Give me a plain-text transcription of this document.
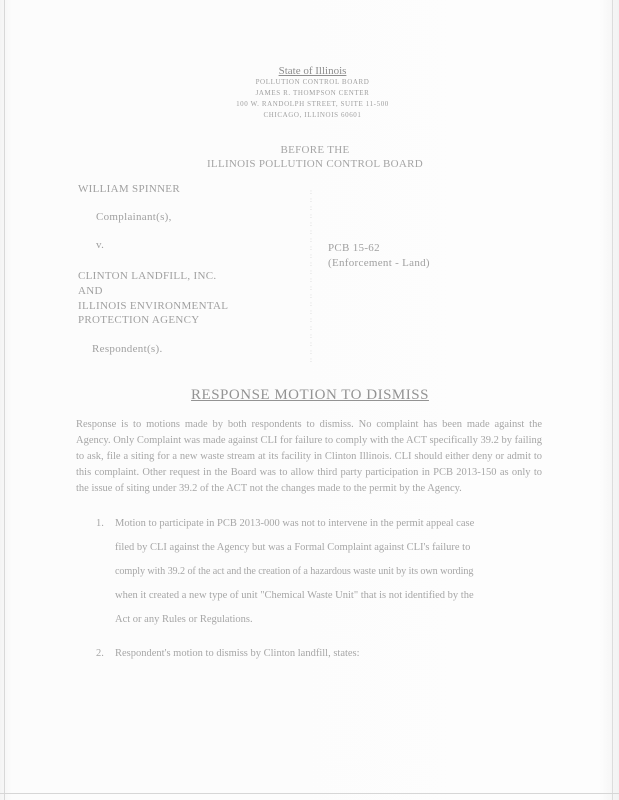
State of Illinois
POLLUTION CONTROL BOARD
JAMES R. THOMPSON CENTER
100 W. RANDOLPH STREET, SUITE 11-500
CHICAGO, ILLINOIS 60601
BEFORE THE
ILLINOIS POLLUTION CONTROL BOARD
WILLIAM SPINNER
Complainant(s),
v.
CLINTON LANDFILL, INC.
AND
ILLINOIS ENVIRONMENTAL
PROTECTION AGENCY
Respondent(s).
:
:
:
:
:
:
:
:
:
:
:
:
:
:
:
:
:
:
:
:
:
:
PCB 15-62
(Enforcement - Land)
RESPONSE MOTION TO DISMISS
Response is to motions made by both respondents to dismiss. No complaint has been made against the Agency. Only Complaint was made against CLI for failure to comply with the ACT specifically 39.2 by failing to ask, file a siting for a new waste stream at its facility in Clinton Illinois. CLI should either deny or admit to this complaint. Other request in the Board was to allow third party participation in PCB 2013-150 as only to the issue of siting under 39.2 of the ACT not the changes made to the permit by the Agency.
1. Motion to participate in PCB 2013-000 was not to intervene in the permit appeal case
filed by CLI against the Agency but was a Formal Complaint against CLI's failure to
comply with 39.2 of the act and the creation of a hazardous waste unit by its own wording
when it created a new type of unit "Chemical Waste Unit" that is not identified by the
Act or any Rules or Regulations.
2. Respondent's motion to dismiss by Clinton landfill, states:
